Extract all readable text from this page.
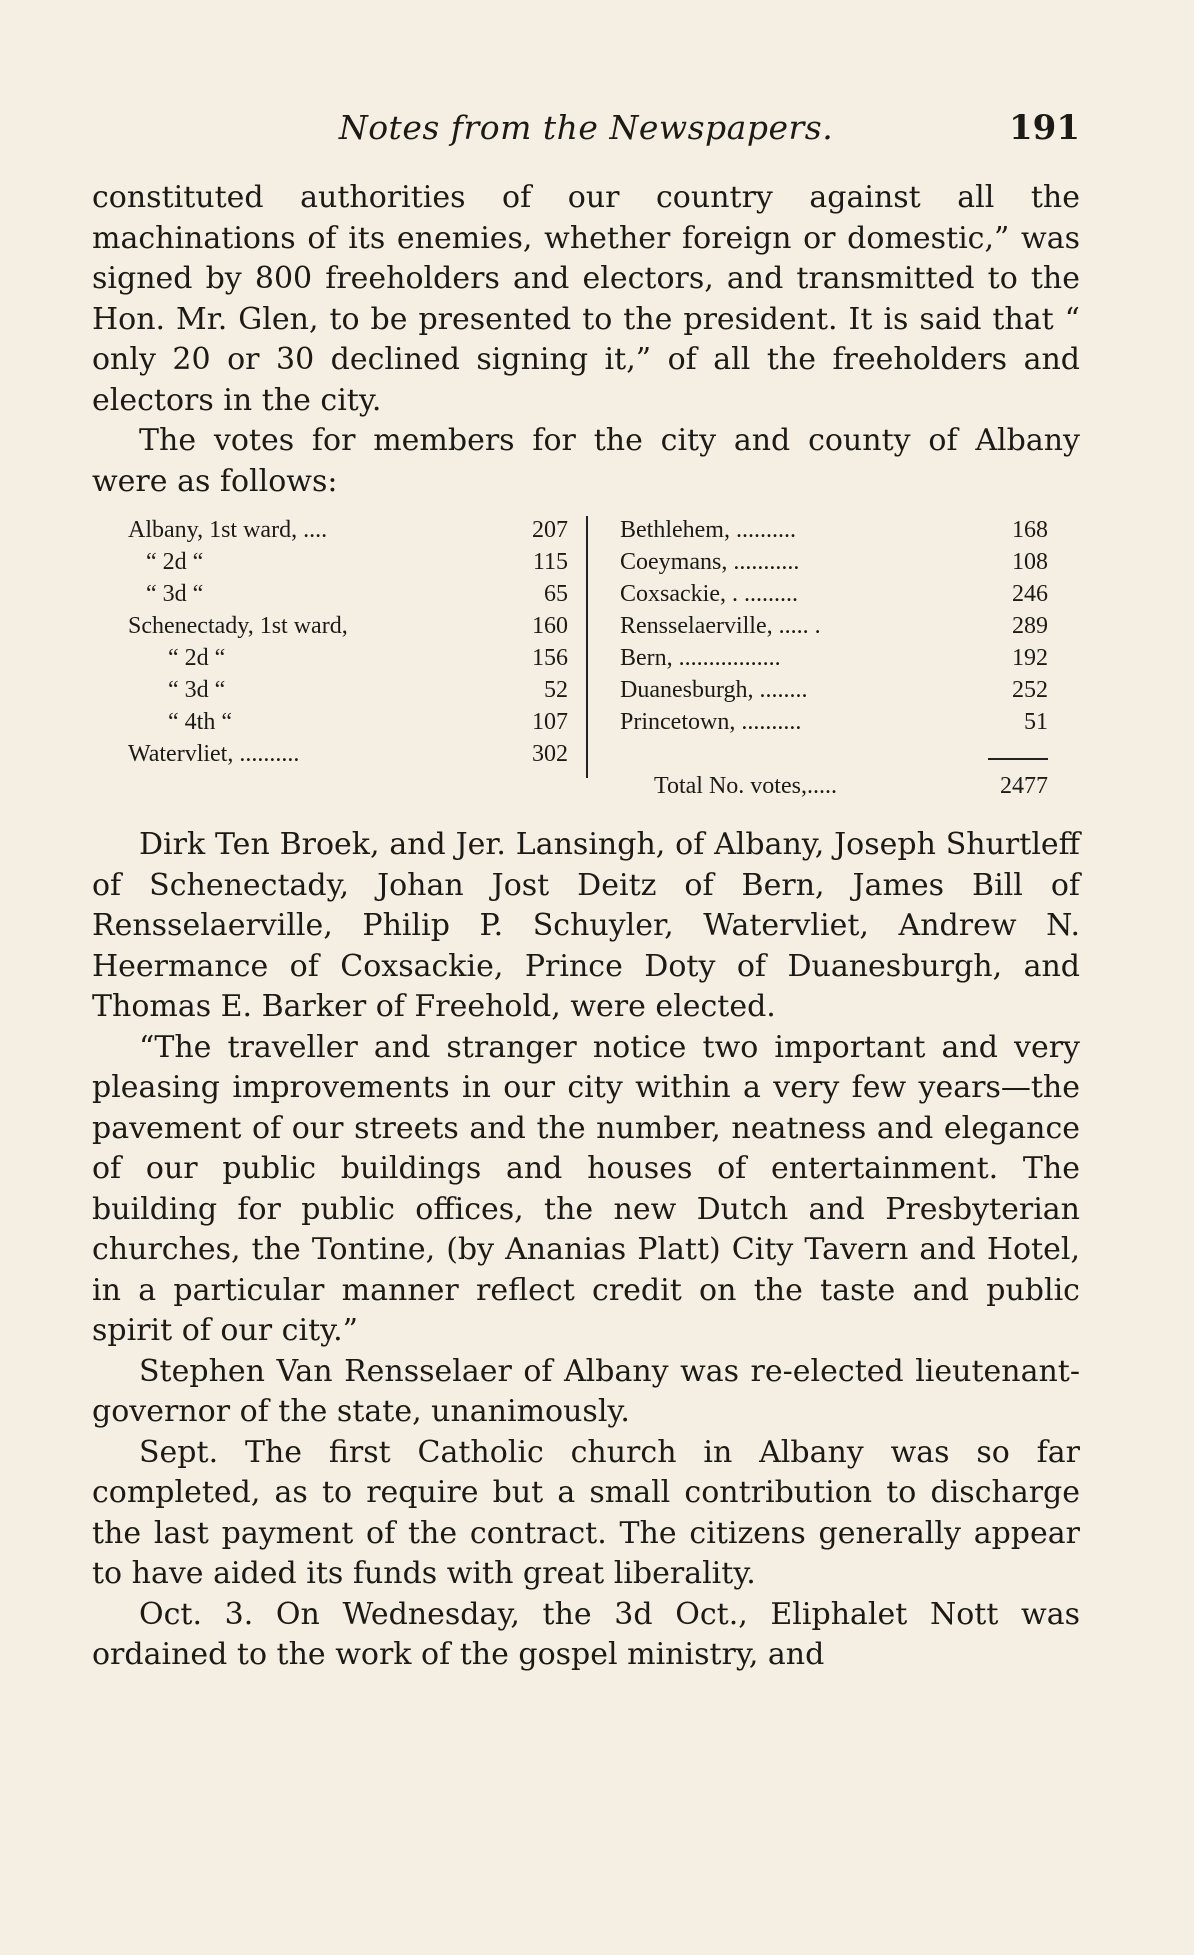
Notes from the Newspapers.	191

constituted authorities of our country against all the machinations of its enemies, whether foreign or domestic,” was signed by 800 freeholders and electors, and transmitted to the Hon. Mr. Glen, to be presented to the president. It is said that “ only 20 or 30 declined signing it,” of all the freeholders and electors in the city.

The votes for members for the city and county of Albany were as follows:

Albany, 1st ward, ....	207
“ 2d “	115
“ 3d “	65
Schenectady, 1st ward,	160
“ 2d “	156
“ 3d “	52
“ 4th “	107
Watervliet, ..........	302
Bethlehem, ..........	168
Coeymans, ...........	108
Coxsackie, . .........	246
Rensselaerville, ..... .	289
Bern, .................	192
Duanesburgh, ........	252
Princetown, ..........	51
Total No. votes,.....	2477

Dirk Ten Broek, and Jer. Lansingh, of Albany, Joseph Shurtleff of Schenectady, Johan Jost Deitz of Bern, James Bill of Rensselaerville, Philip P. Schuyler, Watervliet, Andrew N. Heermance of Coxsackie, Prince Doty of Duanesburgh, and Thomas E. Barker of Freehold, were elected.

“The traveller and stranger notice two important and very pleasing improvements in our city within a very few years—the pavement of our streets and the number, neatness and elegance of our public buildings and houses of entertainment. The building for public offices, the new Dutch and Presbyterian churches, the Tontine, (by Ananias Platt) City Tavern and Hotel, in a particular manner reflect credit on the taste and public spirit of our city.”

Stephen Van Rensselaer of Albany was re-elected lieutenant-governor of the state, unanimously.

Sept. The first Catholic church in Albany was so far completed, as to require but a small contribution to discharge the last payment of the contract. The citizens generally appear to have aided its funds with great liberality.

Oct. 3. On Wednesday, the 3d Oct., Eliphalet Nott was ordained to the work of the gospel ministry, and
